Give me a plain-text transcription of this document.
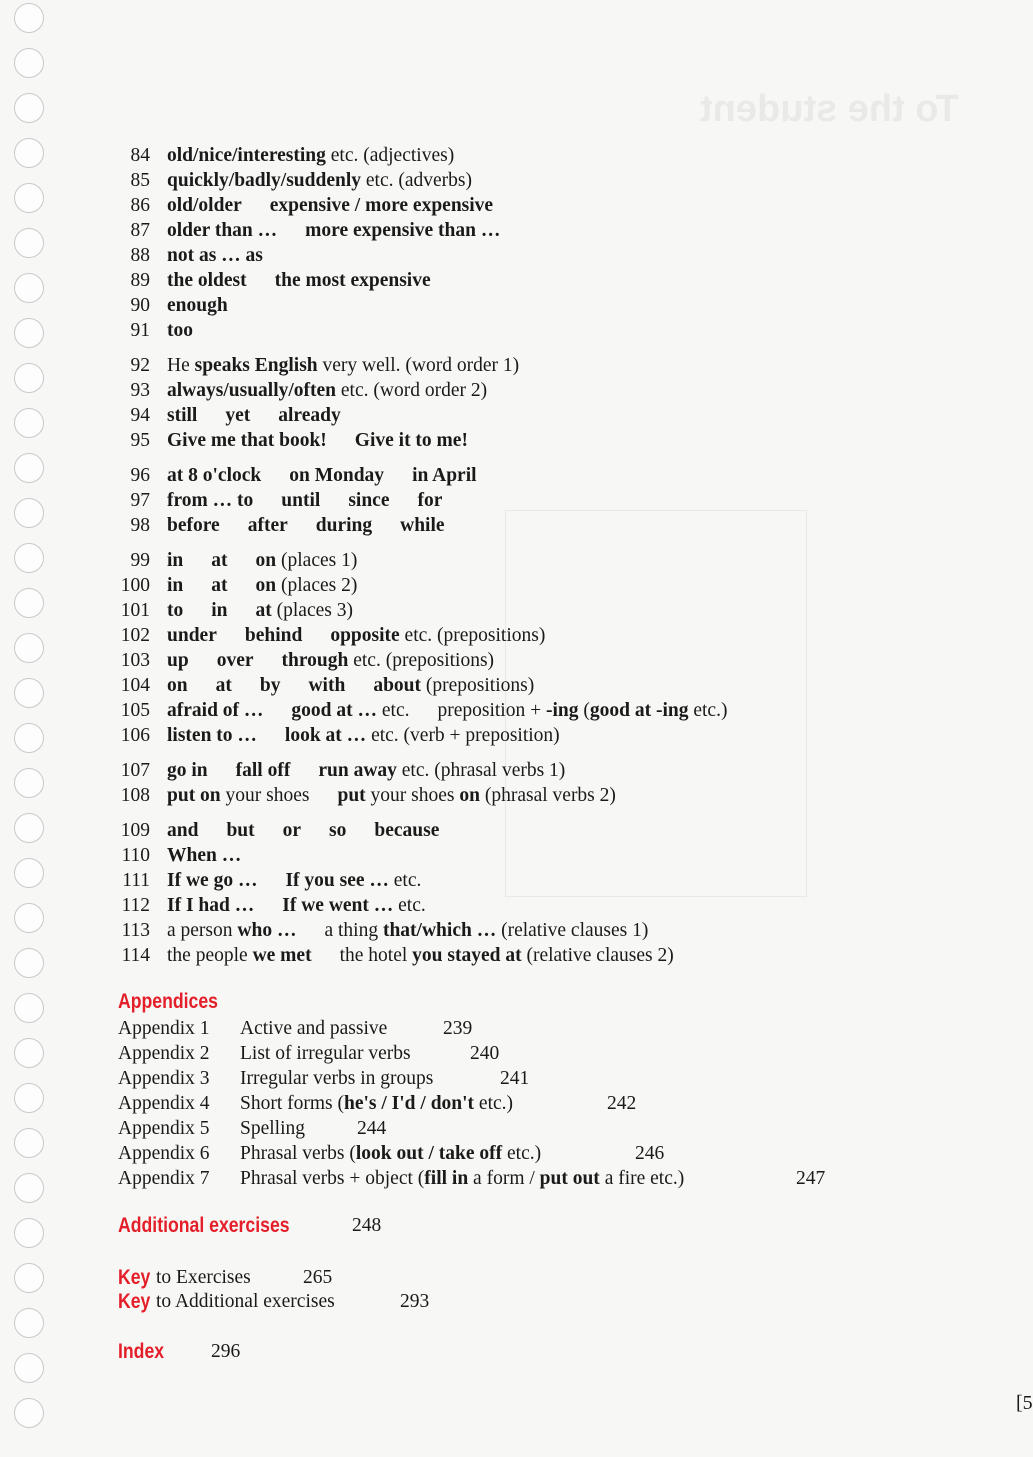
To the student
84 old/nice/interesting etc. (adjectives)
85 quickly/badly/suddenly etc. (adverbs)
86 old/older expensive / more expensive
87 older than … more expensive than …
88 not as … as
89 the oldest the most expensive
90 enough
91 too
92 He speaks English very well. (word order 1)
93 always/usually/often etc. (word order 2)
94 still yet already
95 Give me that book! Give it to me!
96 at 8 o'clock on Monday in April
97 from … to until since for
98 before after during while
99 in at on (places 1)
100 in at on (places 2)
101 to in at (places 3)
102 under behind opposite etc. (prepositions)
103 up over through etc. (prepositions)
104 on at by with about (prepositions)
105 afraid of … good at … etc. preposition + -ing (good at -ing etc.)
106 listen to … look at … etc. (verb + preposition)
107 go in fall off run away etc. (phrasal verbs 1)
108 put on your shoes put your shoes on (phrasal verbs 2)
109 and but or so because
110 When …
111 If we go … If you see … etc.
112 If I had … If we went … etc.
113 a person who … a thing that/which … (relative clauses 1)
114 the people we met the hotel you stayed at (relative clauses 2)
Appendices
Appendix 1 Active and passive	239
Appendix 2 List of irregular verbs	240
Appendix 3 Irregular verbs in groups	241
Appendix 4 Short forms (he's / I'd / don't etc.)	242
Appendix 5 Spelling	244
Appendix 6 Phrasal verbs (look out / take off etc.)	246
Appendix 7 Phrasal verbs + object (fill in a form / put out a fire etc.)	247
Additional exercises	248
Key to Exercises	265
Key to Additional exercises	293
Index 296
[5
